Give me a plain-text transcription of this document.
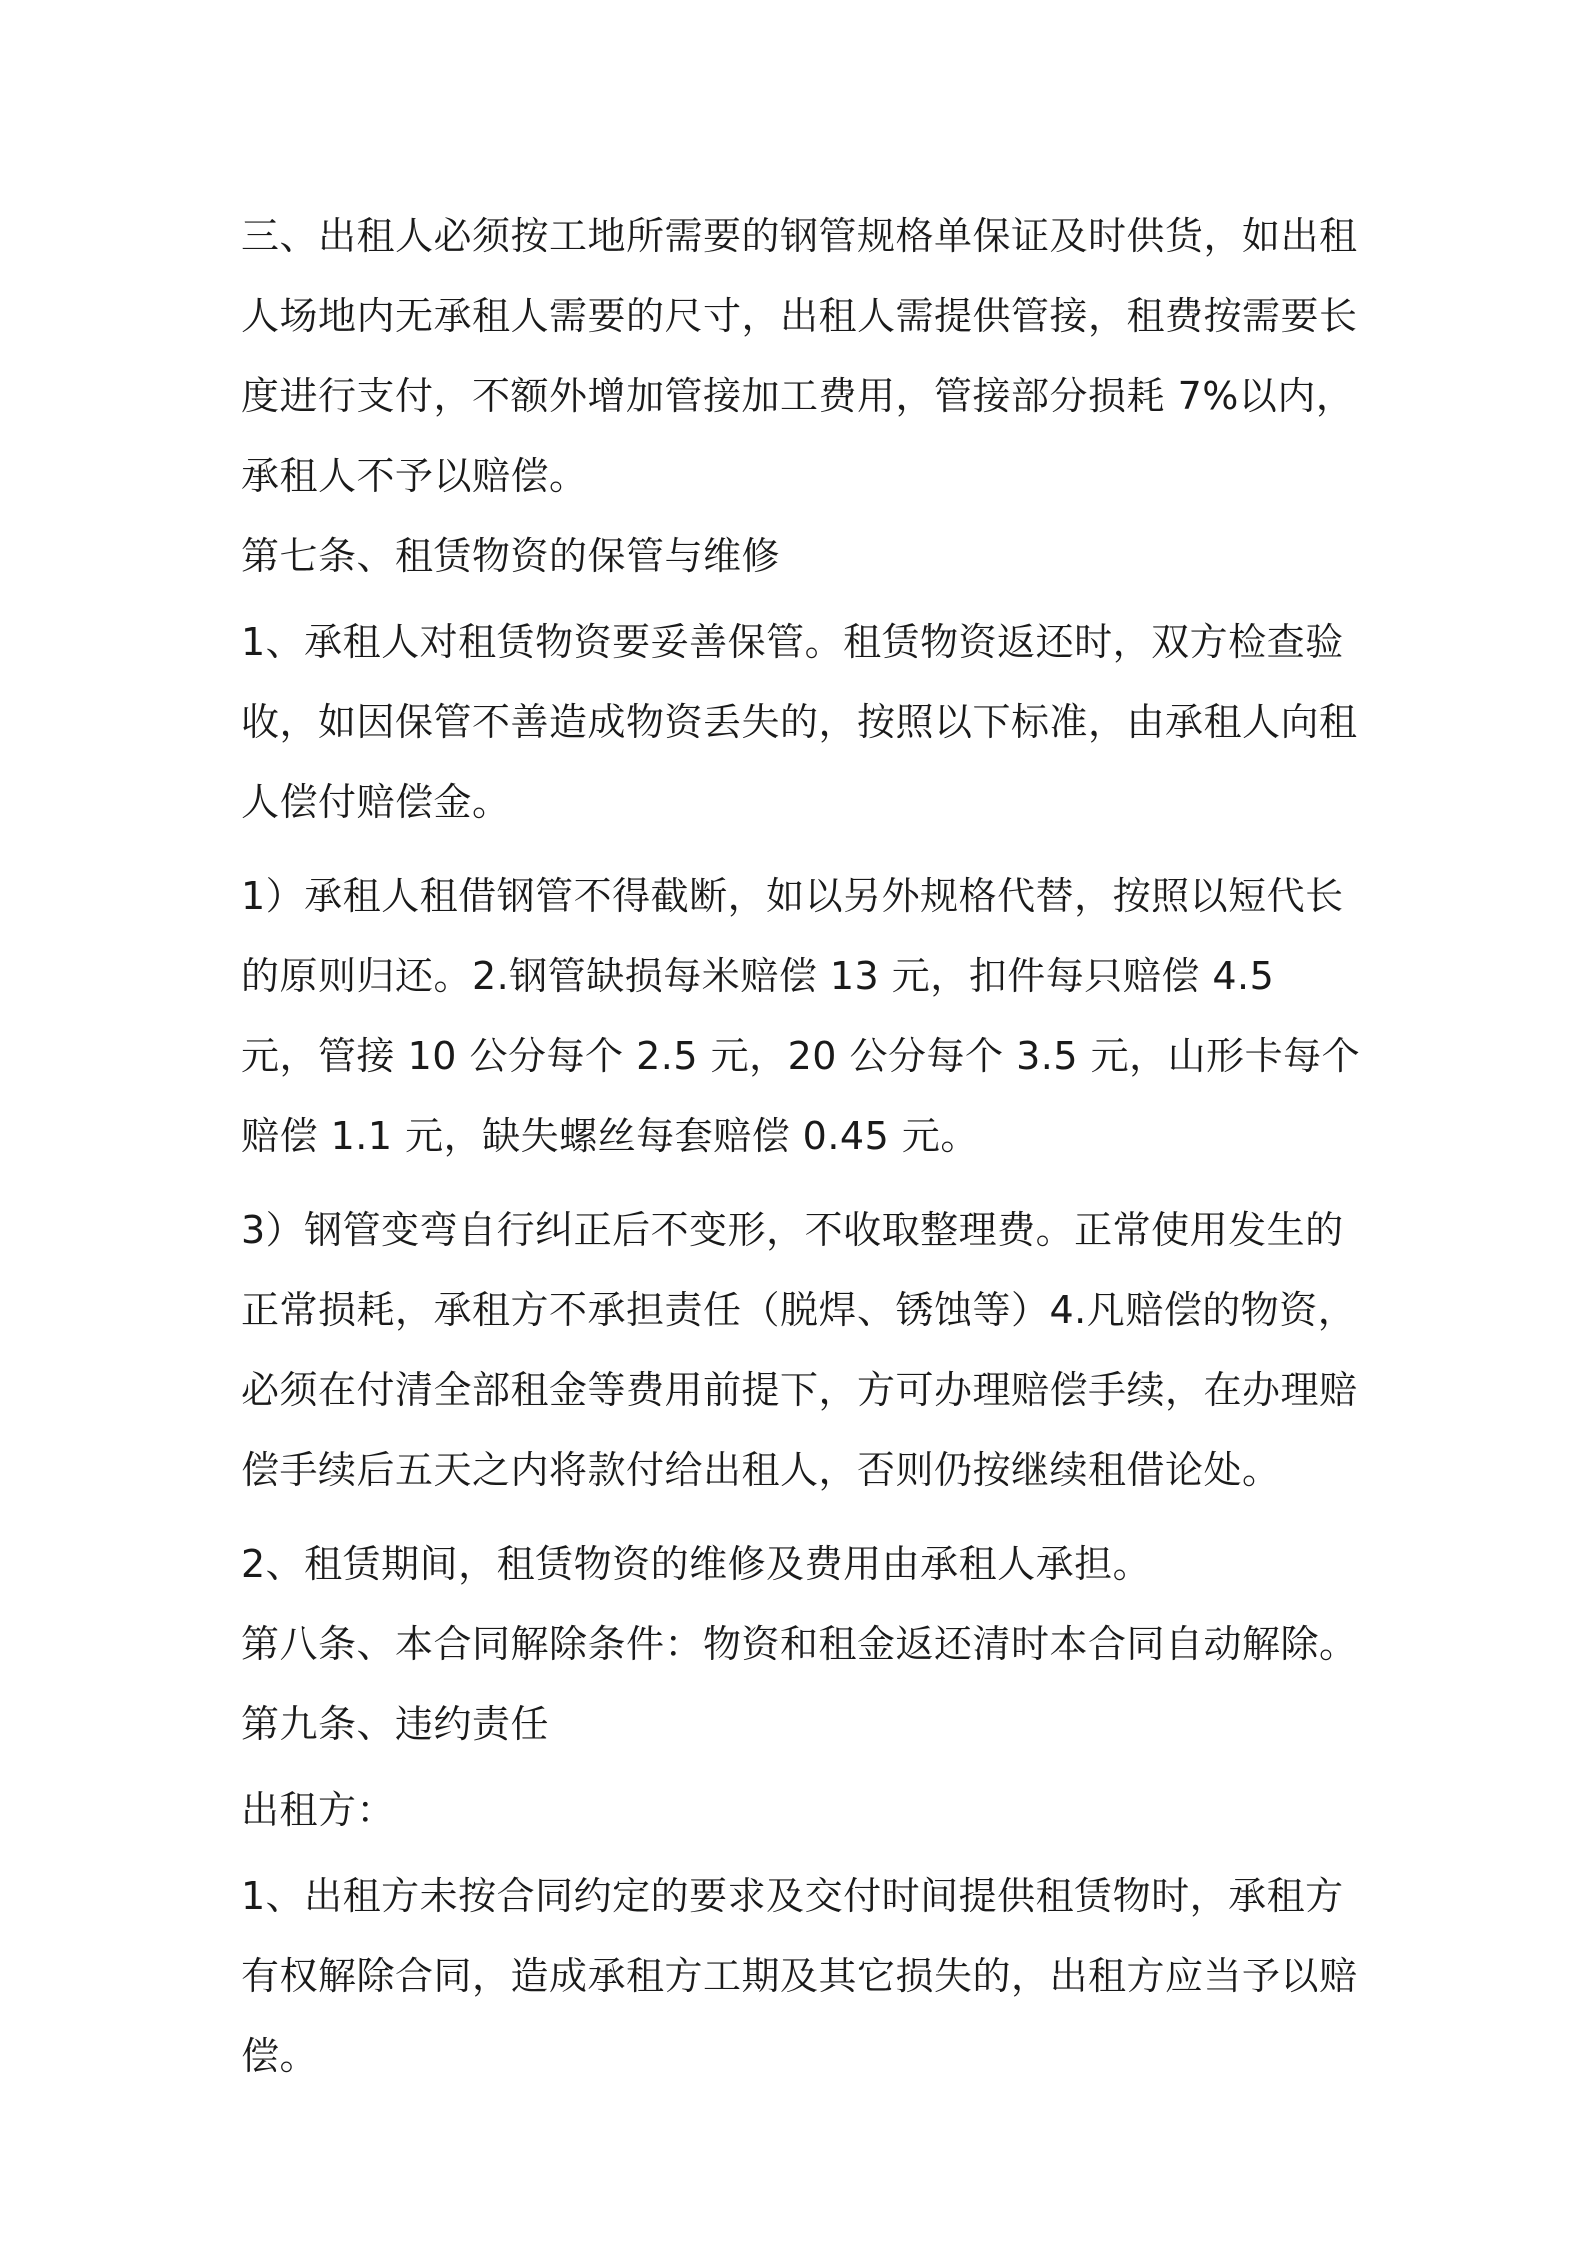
三、出租人必须按工地所需要的钢管规格单保证及时供货，如出租人场地内无承租人需要的尺寸，出租人需提供管接，租费按需要长度进行支付，不额外增加管接加工费用，管接部分损耗 7%以内，承租人不予以赔偿。

第七条、租赁物资的保管与维修

1、承租人对租赁物资要妥善保管。租赁物资返还时，双方检查验收，如因保管不善造成物资丢失的，按照以下标准，由承租人向租人偿付赔偿金。

1）承租人租借钢管不得截断，如以另外规格代替，按照以短代长的原则归还。2.钢管缺损每米赔偿 13 元，扣件每只赔偿 4.5 元，管接 10 公分每个 2.5 元，20 公分每个 3.5 元，山形卡每个赔偿 1.1 元，缺失螺丝每套赔偿 0.45 元。

3）钢管变弯自行纠正后不变形，不收取整理费。正常使用发生的正常损耗，承租方不承担责任（脱焊、锈蚀等）4.凡赔偿的物资，必须在付清全部租金等费用前提下，方可办理赔偿手续，在办理赔偿手续后五天之内将款付给出租人，否则仍按继续租借论处。

2、租赁期间，租赁物资的维修及费用由承租人承担。

第八条、本合同解除条件：物资和租金返还清时本合同自动解除。

第九条、违约责任

出租方：

1、出租方未按合同约定的要求及交付时间提供租赁物时，承租方有权解除合同，造成承租方工期及其它损失的，出租方应当予以赔偿。
